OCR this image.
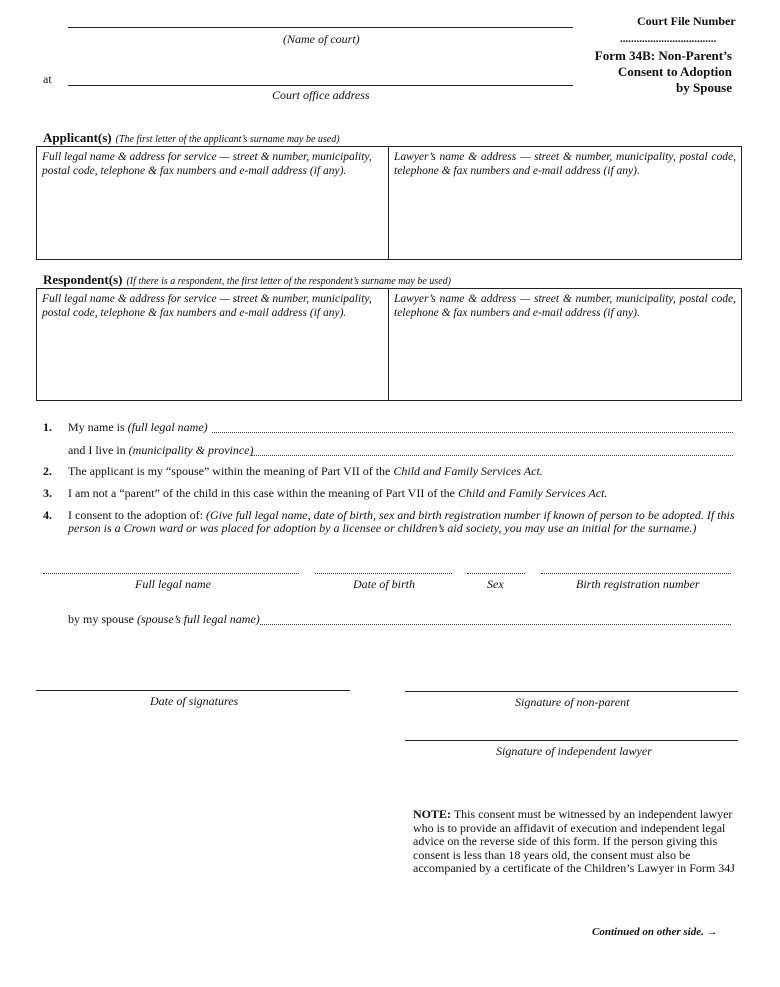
(Name of court)
at
Court office address
Court File Number
...................................
Form 34B: Non-Parent’s
Consent to Adoption
by Spouse
Applicant(s) (The first letter of the applicant’s surname may be used)
Full legal name & address for service — street & number, municipality, postal code, telephone & fax numbers and e-mail address (if any).
Lawyer’s name & address — street & number, municipality, postal code, telephone & fax numbers and e-mail address (if any).
Respondent(s) (If there is a respondent, the first letter of the respondent’s surname may be used)
Full legal name & address for service — street & number, municipality, postal code, telephone & fax numbers and e-mail address (if any).
Lawyer’s name & address — street & number, municipality, postal code, telephone & fax numbers and e-mail address (if any).
1. My name is (full legal name)
and I live in (municipality & province)
2. The applicant is my “spouse” within the meaning of Part VII of the Child and Family Services Act.
3. I am not a “parent” of the child in this case within the meaning of Part VII of the Child and Family Services Act.
4. I consent to the adoption of: (Give full legal name, date of birth, sex and birth registration number if known of person to be adopted. If this
person is a Crown ward or was placed for adoption by a licensee or children’s aid society, you may use an initial for the surname.)
Full legal name	Date of birth	Sex	Birth registration number
by my spouse (spouse’s full legal name)
Date of signatures	Signature of non-parent
Signature of independent lawyer
NOTE: This consent must be witnessed by an independent lawyer who is to provide an affidavit of execution and independent legal advice on the reverse side of this form. If the person giving this consent is less than 18 years old, the consent must also be accompanied by a certificate of the Children’s Lawyer in Form 34J
Continued on other side. →
